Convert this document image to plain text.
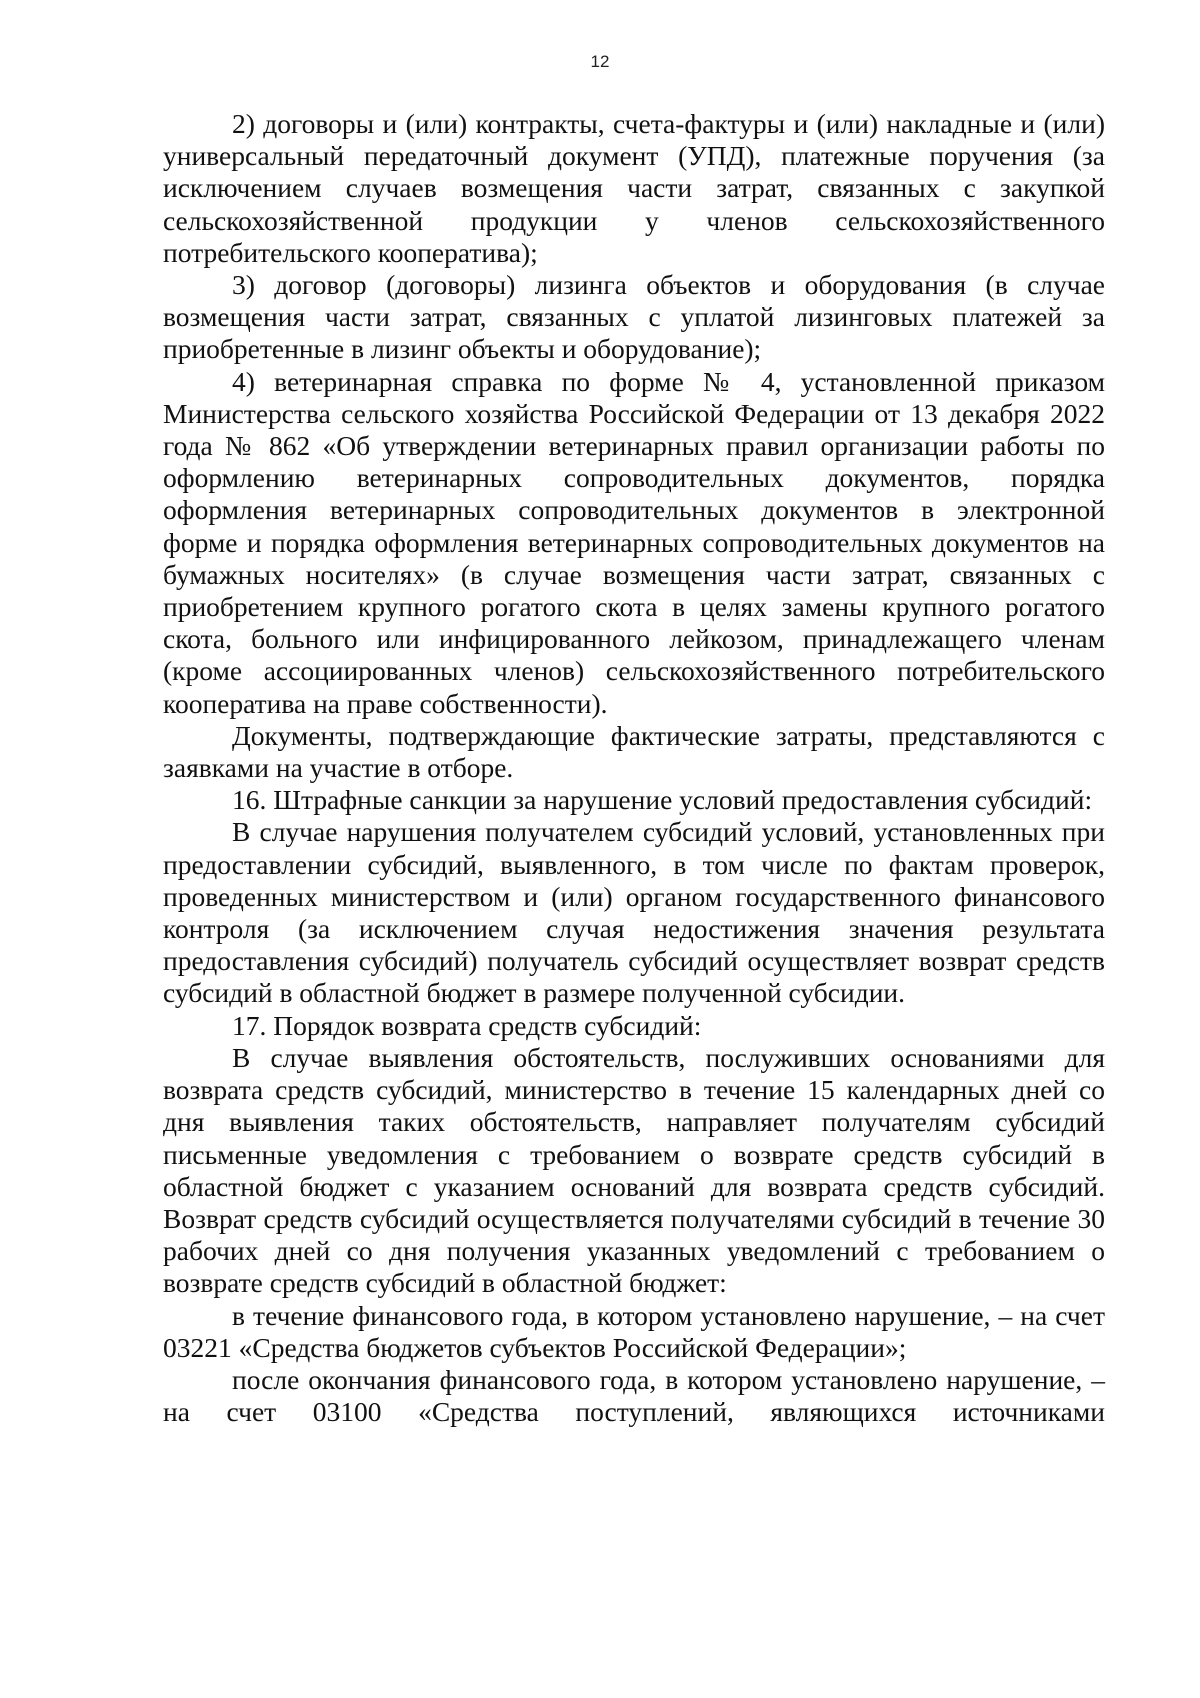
12

2) договоры и (или) контракты, счета-фактуры и (или) накладные и (или) универсальный передаточный документ (УПД), платежные поручения (за исключением случаев возмещения части затрат, связанных с закупкой сельскохозяйственной продукции у членов сельскохозяйственного потребительского кооператива);

3) договор (договоры) лизинга объектов и оборудования (в случае возмещения части затрат, связанных с уплатой лизинговых платежей за приобретенные в лизинг объекты и оборудование);

4) ветеринарная справка по форме № 4, установленной приказом Министерства сельского хозяйства Российской Федерации от 13 декабря 2022 года № 862 «Об утверждении ветеринарных правил организации работы по оформлению ветеринарных сопроводительных документов, порядка оформления ветеринарных сопроводительных документов в электронной форме и порядка оформления ветеринарных сопроводительных документов на бумажных носителях» (в случае возмещения части затрат, связанных с приобретением крупного рогатого скота в целях замены крупного рогатого скота, больного или инфицированного лейкозом, принадлежащего членам (кроме ассоциированных членов) сельскохозяйственного потребительского кооператива на праве собственности).

Документы, подтверждающие фактические затраты, представляются с заявками на участие в отборе.

16. Штрафные санкции за нарушение условий предоставления субсидий:

В случае нарушения получателем субсидий условий, установленных при предоставлении субсидий, выявленного, в том числе по фактам проверок, проведенных министерством и (или) органом государственного финансового контроля (за исключением случая недостижения значения результата предоставления субсидий) получатель субсидий осуществляет возврат средств субсидий в областной бюджет в размере полученной субсидии.

17. Порядок возврата средств субсидий:

В случае выявления обстоятельств, послуживших основаниями для возврата средств субсидий, министерство в течение 15 календарных дней со дня выявления таких обстоятельств, направляет получателям субсидий письменные уведомления с требованием о возврате средств субсидий в областной бюджет с указанием оснований для возврата средств субсидий. Возврат средств субсидий осуществляется получателями субсидий в течение 30 рабочих дней со дня получения указанных уведомлений с требованием о возврате средств субсидий в областной бюджет:

в течение финансового года, в котором установлено нарушение, – на счет 03221 «Средства бюджетов субъектов Российской Федерации»;

после окончания финансового года, в котором установлено нарушение, – на счет 03100 «Средства поступлений, являющихся источниками
